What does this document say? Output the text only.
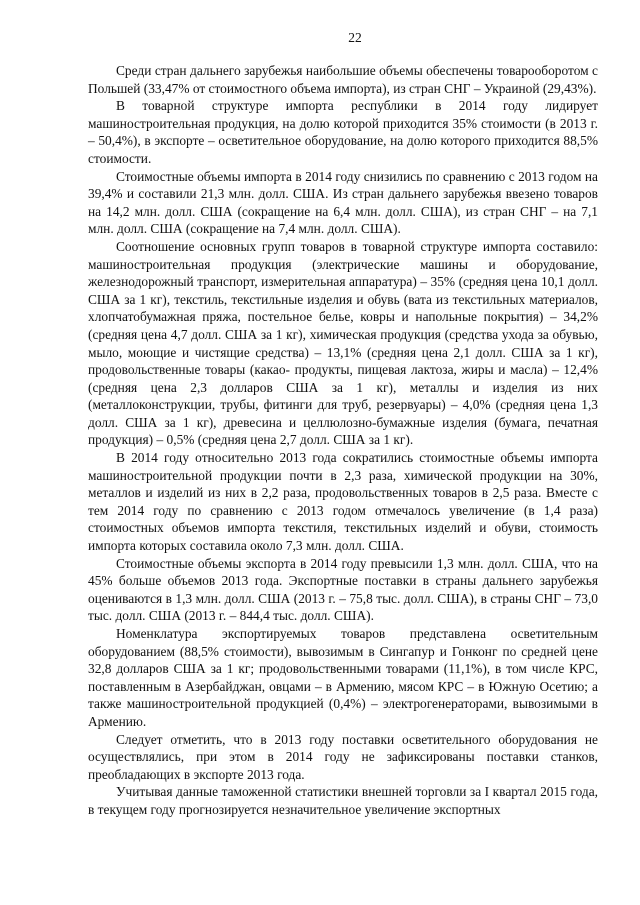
22

Среди стран дальнего зарубежья наибольшие объемы обеспечены товарооборотом с Польшей (33,47% от стоимостного объема импорта), из стран СНГ – Украиной (29,43%).

В товарной структуре импорта республики в 2014 году лидирует машиностроительная продукция, на долю которой приходится 35% стоимости (в 2013 г. – 50,4%), в экспорте – осветительное оборудование, на долю которого приходится 88,5% стоимости.

Стоимостные объемы импорта в 2014 году снизились по сравнению с 2013 годом на 39,4% и составили 21,3 млн. долл. США. Из стран дальнего зарубежья ввезено товаров на 14,2 млн. долл. США (сокращение на 6,4 млн. долл. США), из стран СНГ – на 7,1 млн. долл. США (сокращение на 7,4 млн. долл. США).

Соотношение основных групп товаров в товарной структуре импорта составило: машиностроительная продукция (электрические машины и оборудование, железнодорожный транспорт, измерительная аппаратура) – 35% (средняя цена 10,1 долл. США за 1 кг), текстиль, текстильные изделия и обувь (вата из текстильных материалов, хлопчатобумажная пряжа, постельное белье, ковры и напольные покрытия) – 34,2% (средняя цена 4,7 долл. США за 1 кг), химическая продукция (средства ухода за обувью, мыло, моющие и чистящие средства) – 13,1% (средняя цена 2,1 долл. США за 1 кг), продовольственные товары (какао- продукты, пищевая лактоза, жиры и масла) – 12,4% (средняя цена 2,3 долларов США за 1 кг), металлы и изделия из них (металлоконструкции, трубы, фитинги для труб, резервуары) – 4,0% (средняя цена 1,3 долл. США за 1 кг), древесина и целлюлозно-бумажные изделия (бумага, печатная продукция) – 0,5% (средняя цена 2,7 долл. США за 1 кг).

В 2014 году относительно 2013 года сократились стоимостные объемы импорта машиностроительной продукции почти в 2,3 раза, химической продукции на 30%, металлов и изделий из них в 2,2 раза, продовольственных товаров в 2,5 раза. Вместе с тем 2014 году по сравнению с 2013 годом отмечалось увеличение (в 1,4 раза) стоимостных объемов импорта текстиля, текстильных изделий и обуви, стоимость импорта которых составила около 7,3 млн. долл. США.

Стоимостные объемы экспорта в 2014 году превысили 1,3 млн. долл. США, что на 45% больше объемов 2013 года. Экспортные поставки в страны дальнего зарубежья оцениваются в 1,3 млн. долл. США (2013 г. – 75,8 тыс. долл. США), в страны СНГ – 73,0 тыс. долл. США (2013 г. – 844,4 тыс. долл. США).

Номенклатура экспортируемых товаров представлена осветительным оборудованием (88,5% стоимости), вывозимым в Сингапур и Гонконг по средней цене 32,8 долларов США за 1 кг; продовольственными товарами (11,1%), в том числе КРС, поставленным в Азербайджан, овцами – в Армению, мясом КРС – в Южную Осетию; а также машиностроительной продукцией (0,4%) – электрогенераторами, вывозимыми в Армению.

Следует отметить, что в 2013 году поставки осветительного оборудования не осуществлялись, при этом в 2014 году не зафиксированы поставки станков, преобладающих в экспорте 2013 года.

Учитывая данные таможенной статистики внешней торговли за I квартал 2015 года, в текущем году прогнозируется незначительное увеличение экспортных
